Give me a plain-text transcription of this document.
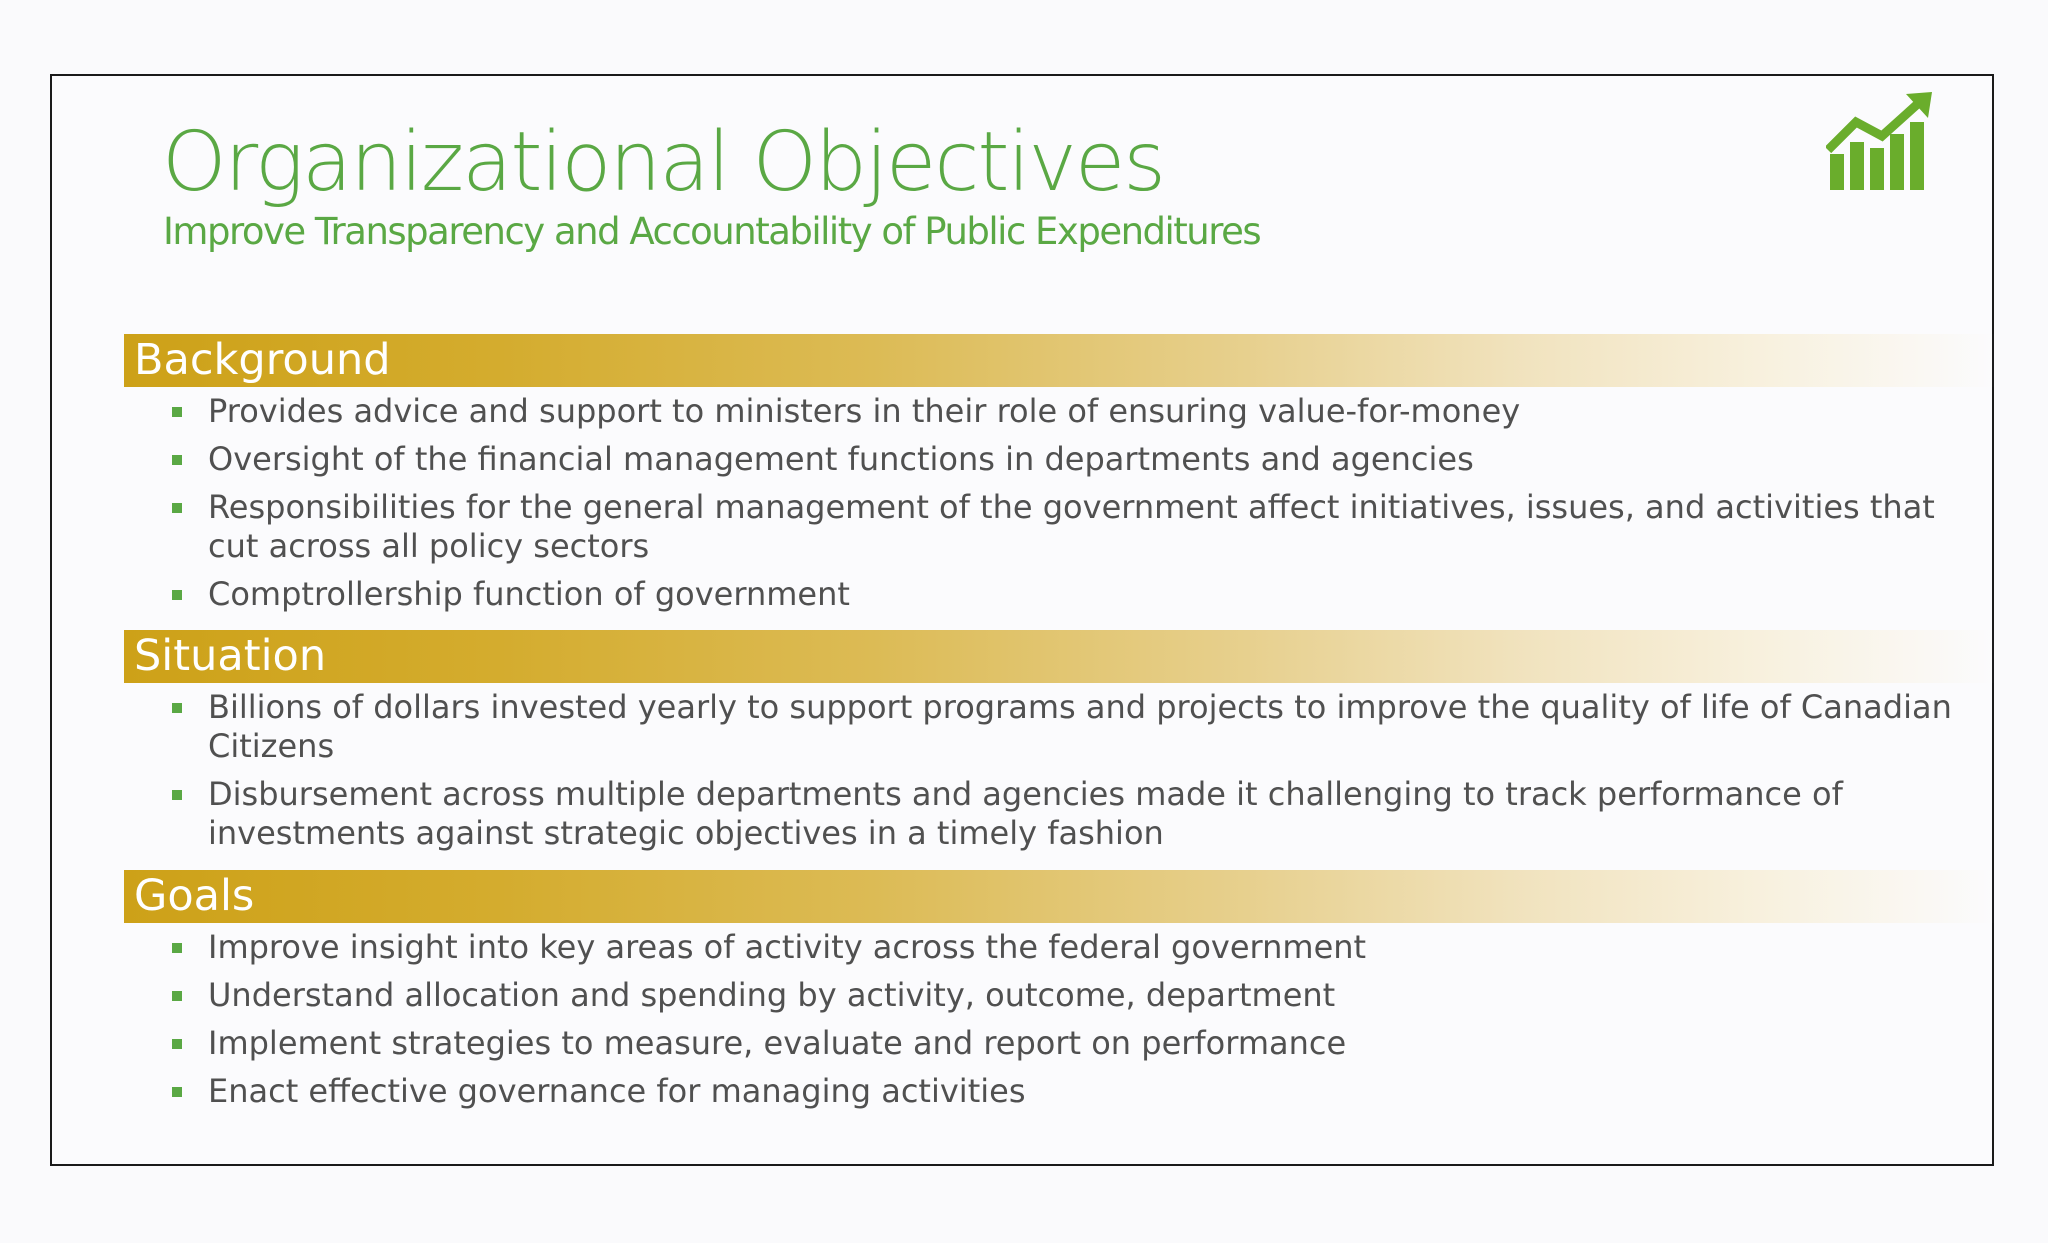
Organizational Objectives
Improve Transparency and Accountability of Public Expenditures
Background
Provides advice and support to ministers in their role of ensuring value-for-money
Oversight of the financial management functions in departments and agencies
Responsibilities for the general management of the government affect initiatives, issues, and activities that cut across all policy sectors
Comptrollership function of government
Situation
Billions of dollars invested yearly to support programs and projects to improve the quality of life of Canadian Citizens
Disbursement across multiple departments and agencies made it challenging to track performance of investments against strategic objectives in a timely fashion
Goals
Improve insight into key areas of activity across the federal government
Understand allocation and spending by activity, outcome, department
Implement strategies to measure, evaluate and report on performance
Enact effective governance for managing activities
